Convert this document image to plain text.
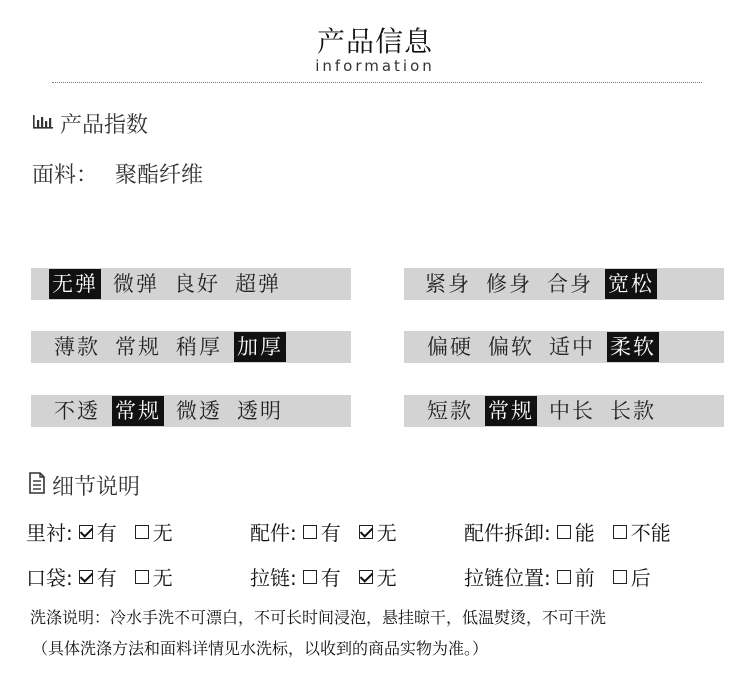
产品信息
information
产品指数
面料： 聚酯纤维
无弹 微弹 良好 超弹	紧身 修身 合身 宽松
薄款 常规 稍厚 加厚	偏硬 偏软 适中 柔软
不透 常规 微透 透明	短款 常规 中长 长款
细节说明
里衬: 有 无	配件: 有 无	配件拆卸: 能 不能
口袋: 有 无	拉链: 有 无	拉链位置: 前 后
洗涤说明：冷水手洗不可漂白，不可长时间浸泡，悬挂晾干，低温熨烫，不可干洗
（具体洗涤方法和面料详情见水洗标，以收到的商品实物为准。）
